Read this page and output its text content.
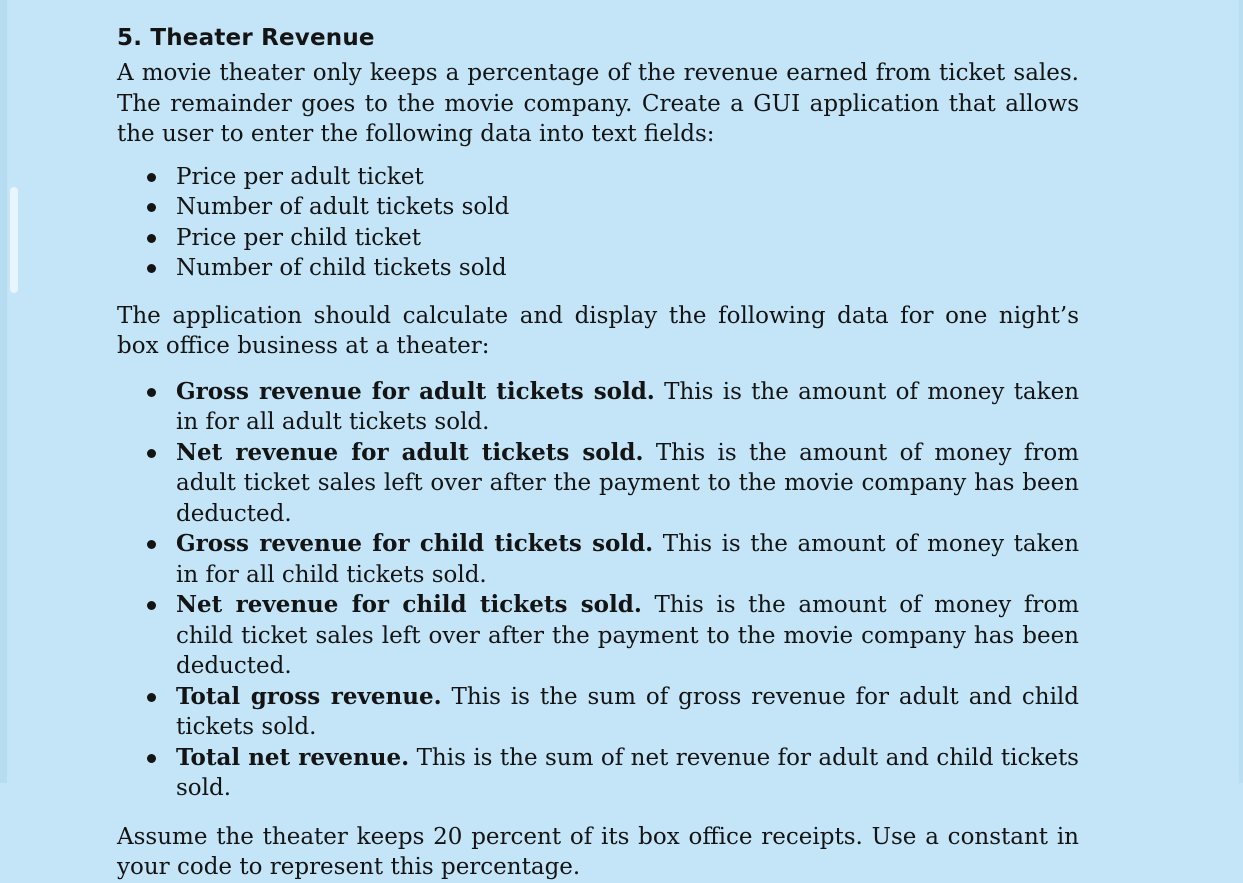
5. Theater Revenue

A movie theater only keeps a percentage of the revenue earned from ticket sales. The remainder goes to the movie company. Create a GUI application that allows the user to enter the following data into text fields:

Price per adult ticket
Number of adult tickets sold
Price per child ticket
Number of child tickets sold

The application should calculate and display the following data for one night’s box office business at a theater:

Gross revenue for adult tickets sold. This is the amount of money taken in for all adult tickets sold.
Net revenue for adult tickets sold. This is the amount of money from adult ticket sales left over after the payment to the movie company has been deducted.
Gross revenue for child tickets sold. This is the amount of money taken in for all child tickets sold.
Net revenue for child tickets sold. This is the amount of money from child ticket sales left over after the payment to the movie company has been deducted.
Total gross revenue. This is the sum of gross revenue for adult and child tickets sold.
Total net revenue. This is the sum of net revenue for adult and child tickets sold.

Assume the theater keeps 20 percent of its box office receipts. Use a constant in your code to represent this percentage.
